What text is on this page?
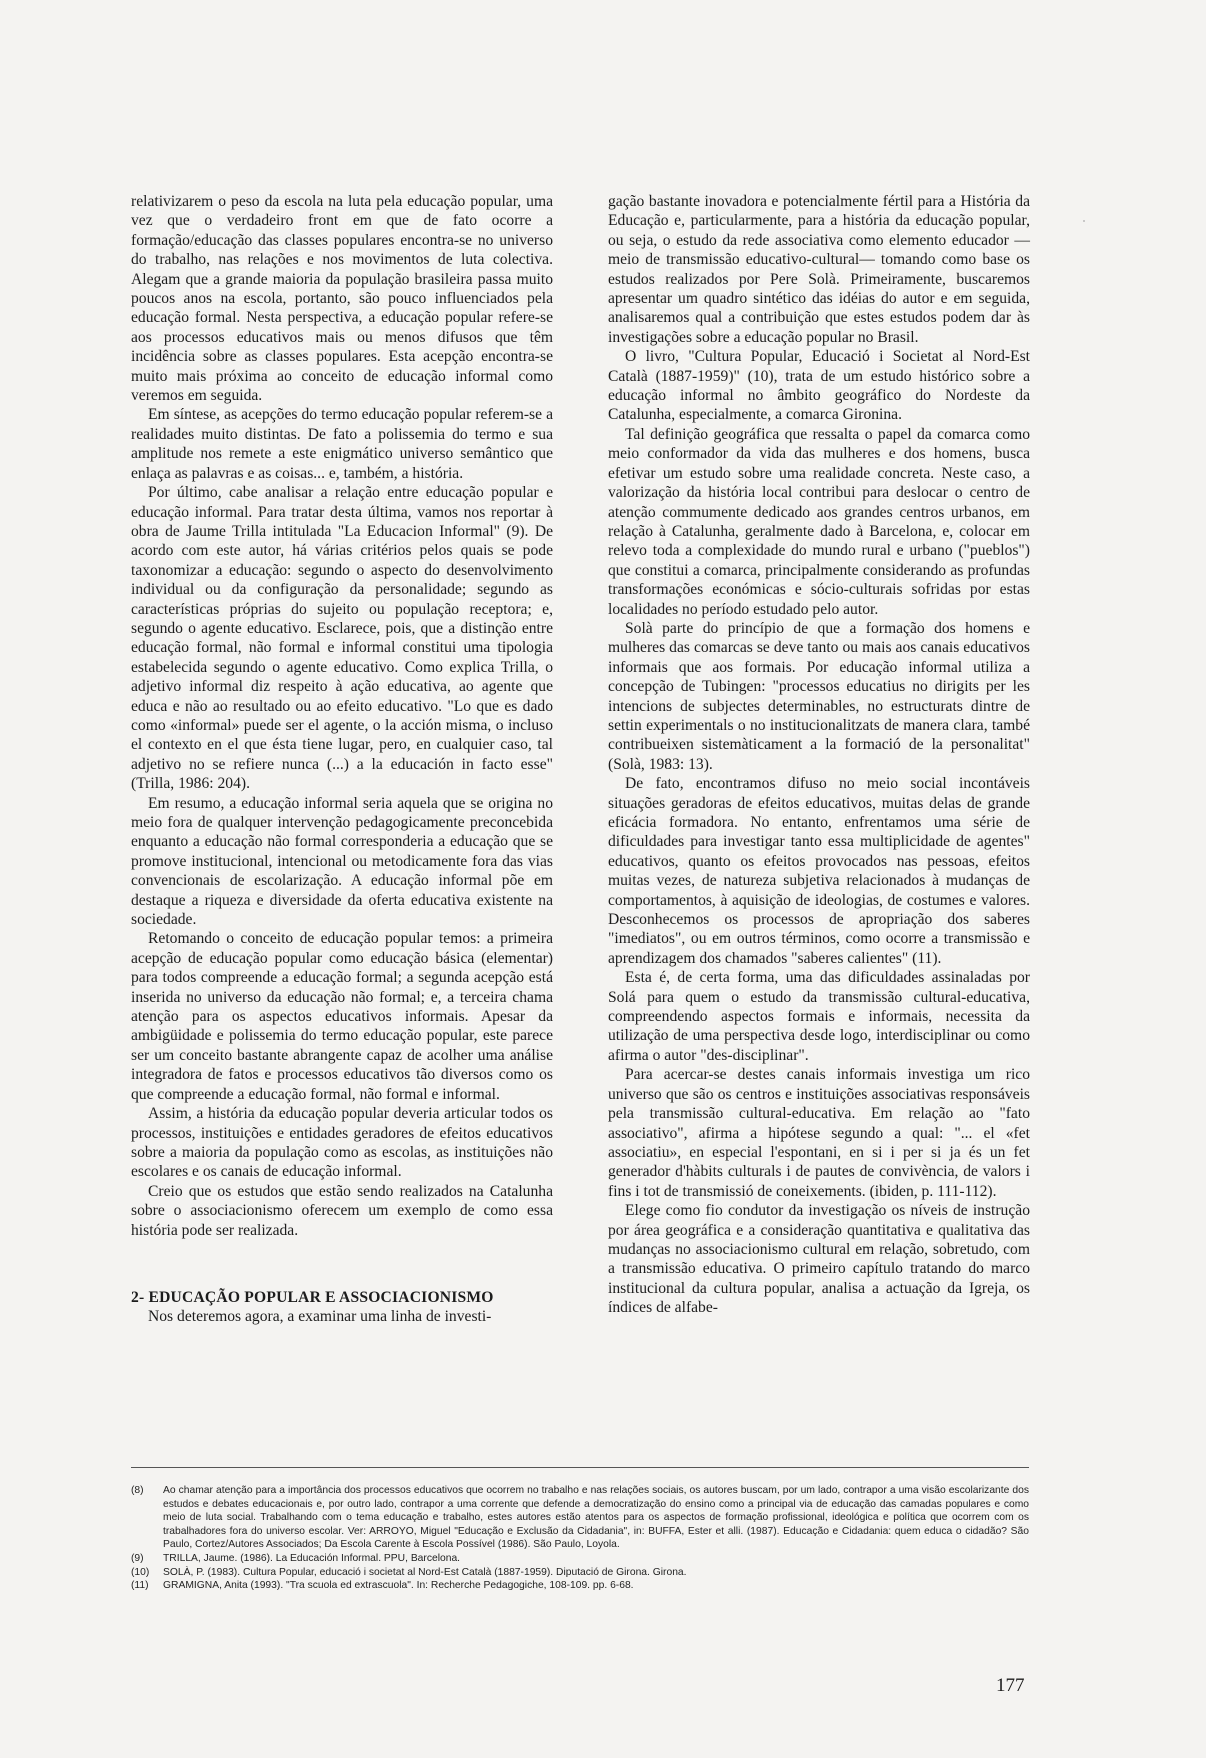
relativizarem o peso da escola na luta pela educação popular, uma vez que o verdadeiro front em que de fato ocorre a formação/educação das classes populares encontra-se no universo do trabalho, nas relações e nos movimentos de luta colectiva. Alegam que a grande maioria da população brasileira passa muito poucos anos na escola, portanto, são pouco influenciados pela educação formal. Nesta perspectiva, a educação popular refere-se aos processos educativos mais ou menos difusos que têm incidência sobre as classes populares. Esta acepção encontra-se muito mais próxima ao conceito de educação informal como veremos em seguida.

Em síntese, as acepções do termo educação popular referem-se a realidades muito distintas. De fato a polissemia do termo e sua amplitude nos remete a este enigmático universo semântico que enlaça as palavras e as coisas... e, também, a história.

Por último, cabe analisar a relação entre educação popular e educação informal. Para tratar desta última, vamos nos reportar à obra de Jaume Trilla intitulada "La Educacion Informal" (9). De acordo com este autor, há várias critérios pelos quais se pode taxonomizar a educação: segundo o aspecto do desenvolvimento individual ou da configuração da personalidade; segundo as características próprias do sujeito ou população receptora; e, segundo o agente educativo. Esclarece, pois, que a distinção entre educação formal, não formal e informal constitui uma tipologia estabelecida segundo o agente educativo. Como explica Trilla, o adjetivo informal diz respeito à ação educativa, ao agente que educa e não ao resultado ou ao efeito educativo. "Lo que es dado como «informal» puede ser el agente, o la acción misma, o incluso el contexto en el que ésta tiene lugar, pero, en cualquier caso, tal adjetivo no se refiere nunca (...) a la educación in facto esse" (Trilla, 1986: 204).

Em resumo, a educação informal seria aquela que se origina no meio fora de qualquer intervenção pedagogicamente preconcebida enquanto a educação não formal corresponderia a educação que se promove institucional, intencional ou metodicamente fora das vias convencionais de escolarização. A educação informal põe em destaque a riqueza e diversidade da oferta educativa existente na sociedade.

Retomando o conceito de educação popular temos: a primeira acepção de educação popular como educação básica (elementar) para todos compreende a educação formal; a segunda acepção está inserida no universo da educação não formal; e, a terceira chama atenção para os aspectos educativos informais. Apesar da ambigüidade e polissemia do termo educação popular, este parece ser um conceito bastante abrangente capaz de acolher uma análise integradora de fatos e processos educativos tão diversos como os que compreende a educação formal, não formal e informal.

Assim, a história da educação popular deveria articular todos os processos, instituições e entidades geradores de efeitos educativos sobre a maioria da população como as escolas, as instituições não escolares e os canais de educação informal.

Creio que os estudos que estão sendo realizados na Catalunha sobre o associacionismo oferecem um exemplo de como essa história pode ser realizada.

2- EDUCAÇÃO POPULAR E ASSOCIACIONISMO

Nos deteremos agora, a examinar uma linha de investi-

gação bastante inovadora e potencialmente fértil para a História da Educação e, particularmente, para a história da educação popular, ou seja, o estudo da rede associativa como elemento educador —meio de transmissão educativo-cultural— tomando como base os estudos realizados por Pere Solà. Primeiramente, buscaremos apresentar um quadro sintético das idéias do autor e em seguida, analisaremos qual a contribuição que estes estudos podem dar às investigações sobre a educação popular no Brasil.

O livro, "Cultura Popular, Educació i Societat al Nord-Est Català (1887-1959)" (10), trata de um estudo histórico sobre a educação informal no âmbito geográfico do Nordeste da Catalunha, especialmente, a comarca Gironina.

Tal definição geográfica que ressalta o papel da comarca como meio conformador da vida das mulheres e dos homens, busca efetivar um estudo sobre uma realidade concreta. Neste caso, a valorização da história local contribui para deslocar o centro de atenção commumente dedicado aos grandes centros urbanos, em relação à Catalunha, geralmente dado à Barcelona, e, colocar em relevo toda a complexidade do mundo rural e urbano ("pueblos") que constitui a comarca, principalmente considerando as profundas transformações económicas e sócio-culturais sofridas por estas localidades no período estudado pelo autor.

Solà parte do princípio de que a formação dos homens e mulheres das comarcas se deve tanto ou mais aos canais educativos informais que aos formais. Por educação informal utiliza a concepção de Tubingen: "processos educatius no dirigits per les intencions de subjectes determinables, no estructurats dintre de settin experimentals o no institucionalitzats de manera clara, també contribueixen sistemàticament a la formació de la personalitat" (Solà, 1983: 13).

De fato, encontramos difuso no meio social incontáveis situações geradoras de efeitos educativos, muitas delas de grande eficácia formadora. No entanto, enfrentamos uma série de dificuldades para investigar tanto essa multiplicidade de agentes" educativos, quanto os efeitos provocados nas pessoas, efeitos muitas vezes, de natureza subjetiva relacionados à mudanças de comportamentos, à aquisição de ideologias, de costumes e valores. Desconhecemos os processos de apropriação dos saberes "imediatos", ou em outros términos, como ocorre a transmissão e aprendizagem dos chamados "saberes calientes" (11).

Esta é, de certa forma, uma das dificuldades assinaladas por Solá para quem o estudo da transmissão cultural-educativa, compreendendo aspectos formais e informais, necessita da utilização de uma perspectiva desde logo, interdisciplinar ou como afirma o autor "des-disciplinar".

Para acercar-se destes canais informais investiga um rico universo que são os centros e instituições associativas responsáveis pela transmissão cultural-educativa. Em relação ao "fato associativo", afirma a hipótese segundo a qual: "... el «fet associatiu», en especial l'espontani, en si i per si ja és un fet generador d'hàbits culturals i de pautes de convivència, de valors i fins i tot de transmissió de coneixements. (ibiden, p. 111-112).

Elege como fio condutor da investigação os níveis de instrução por área geográfica e a consideração quantitativa e qualitativa das mudanças no associacionismo cultural em relação, sobretudo, com a transmissão educativa. O primeiro capítulo tratando do marco institucional da cultura popular, analisa a actuação da Igreja, os índices de alfabe-

(8)	Ao chamar atenção para a importância dos processos educativos que ocorrem no trabalho e nas relações sociais, os autores buscam, por um lado, contrapor a uma visão escolarizante dos estudos e debates educacionais e, por outro lado, contrapor a uma corrente que defende a democratização do ensino como a principal via de educação das camadas populares e como meio de luta social. Trabalhando com o tema educação e trabalho, estes autores estão atentos para os aspectos de formação profissional, ideológica e política que ocorrem com os trabalhadores fora do universo escolar. Ver: ARROYO, Miguel "Educação e Exclusão da Cidadania", in: BUFFA, Ester et alli. (1987). Educação e Cidadania: quem educa o cidadão? São Paulo, Cortez/Autores Associados; Da Escola Carente à Escola Possível (1986). São Paulo, Loyola.
(9)	TRILLA, Jaume. (1986). La Educación Informal. PPU, Barcelona.
(10)	SOLÀ, P. (1983). Cultura Popular, educació i societat al Nord-Est Català (1887-1959). Diputació de Girona. Girona.
(11)	GRAMIGNA, Anita (1993). "Tra scuola ed extrascuola". In: Recherche Pedagogiche, 108-109. pp. 6-68.
177
